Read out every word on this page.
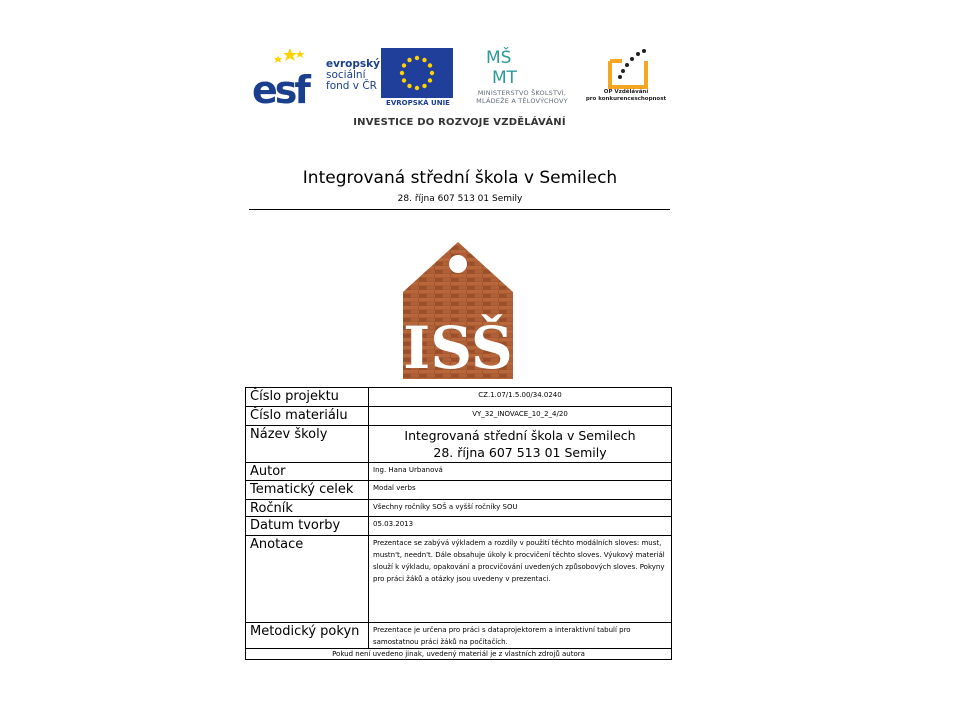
esf
evropský
sociální
fond v ČR
EVROPSKÁ UNIE
MŠ
MT
MINISTERSTVO ŠKOLSTVÍ,
MLÁDEŽE A TĚLOVÝCHOVY
OP Vzdělávání
pro konkurenceschopnost
INVESTICE DO ROZVOJE VZDĚLÁVÁNÍ
Integrovaná střední škola v Semilech
28. října 607 513 01 Semily
ISŠ
Číslo projektu	CZ.1.07/1.5.00/34.0240
Číslo materiálu	VY_32_INOVACE_10_2_4/20
Název školy	Integrovaná střední škola v Semilech
28. října 607 513 01 Semily

Autor	Ing. Hana Urbanová
Tematický celek	Modal verbs
Ročník	Všechny ročníky SOŠ a vyšší ročníky SOU
Datum tvorby	05.03.2013
Anotace	Prezentace se zabývá výkladem a rozdíly v použití těchto modálních sloves: must, mustn't, needn't. Dále obsahuje úkoly k procvičení těchto sloves. Výukový materiál slouží k výkladu, opakování a procvičování uvedených způsobových sloves. Pokyny pro práci žáků a otázky jsou uvedeny v prezentaci.
Metodický pokyn	Prezentace je určena pro práci s dataprojektorem a interaktivní tabulí pro samostatnou práci žáků na počítačích.
Pokud není uvedeno jinak, uvedený materiál je z vlastních zdrojů autora	
